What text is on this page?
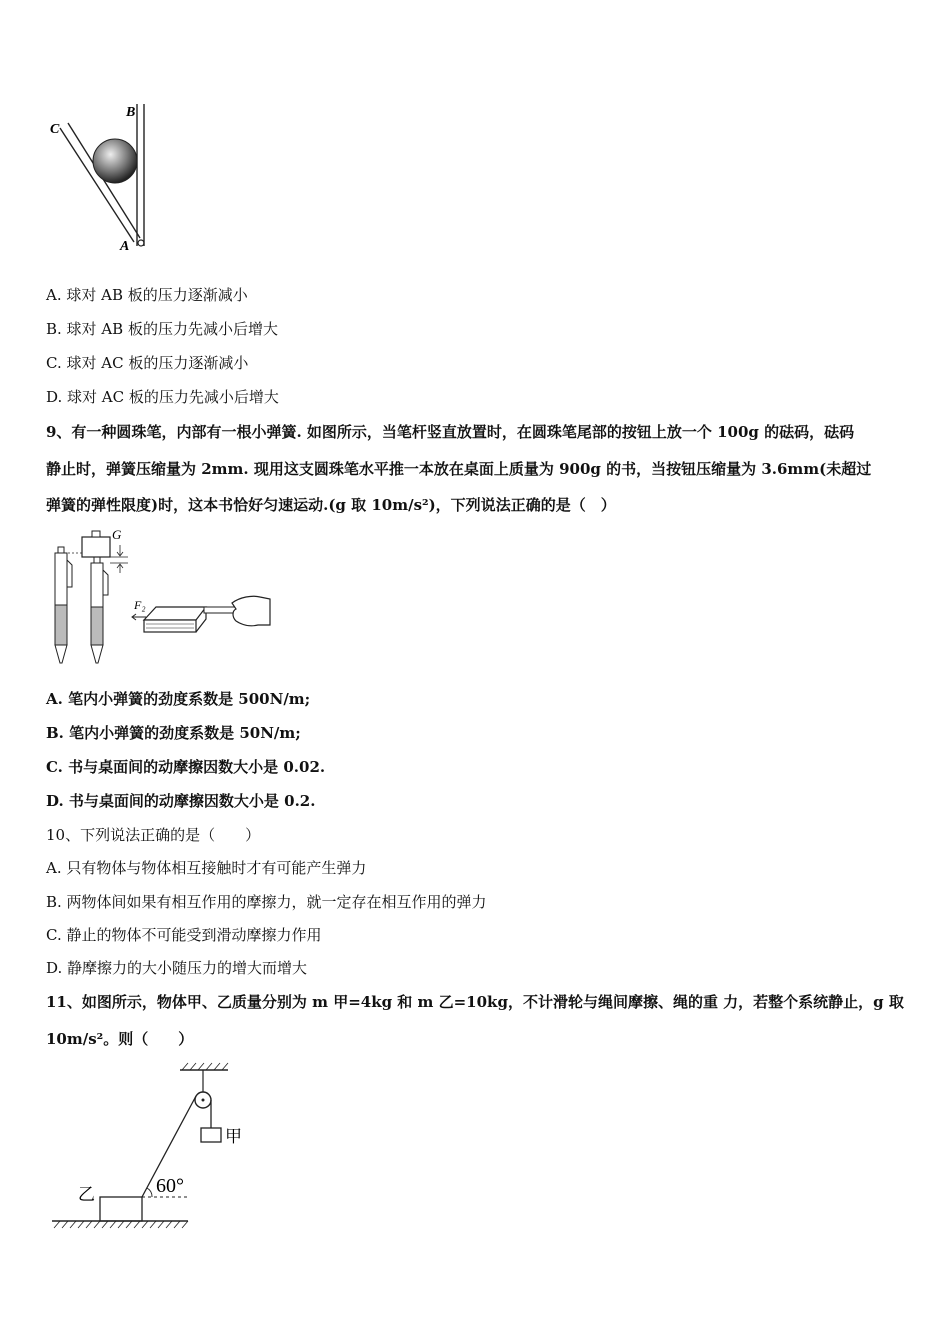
C
B
A
A. 球对 AB 板的压力逐渐减小
B. 球对 AB 板的压力先减小后增大
C. 球对 AC 板的压力逐渐减小
D. 球对 AC 板的压力先减小后增大
9、有一种圆珠笔，内部有一根小弹簧. 如图所示，当笔杆竖直放置时，在圆珠笔尾部的按钮上放一个 100g 的砝码，砝码
静止时，弹簧压缩量为 2mm. 现用这支圆珠笔水平推一本放在桌面上质量为 900g 的书，当按钮压缩量为 3.6mm(未超过
弹簧的弹性限度)时，这本书恰好匀速运动.(g 取 10m/s²)，下列说法正确的是（　）
G
F₂
A. 笔内小弹簧的劲度系数是 500N/m;
B. 笔内小弹簧的劲度系数是 50N/m;
C. 书与桌面间的动摩擦因数大小是 0.02.
D. 书与桌面间的动摩擦因数大小是 0.2.
10、下列说法正确的是（　　）
A. 只有物体与物体相互接触时才有可能产生弹力
B. 两物体间如果有相互作用的摩擦力，就一定存在相互作用的弹力
C. 静止的物体不可能受到滑动摩擦力作用
D. 静摩擦力的大小随压力的增大而增大
11、如图所示，物体甲、乙质量分别为 m 甲=4kg 和 m 乙=10kg，不计滑轮与绳间摩擦、绳的重 力，若整个系统静止，g 取
10m/s²。则（　　）
甲
乙	60°
